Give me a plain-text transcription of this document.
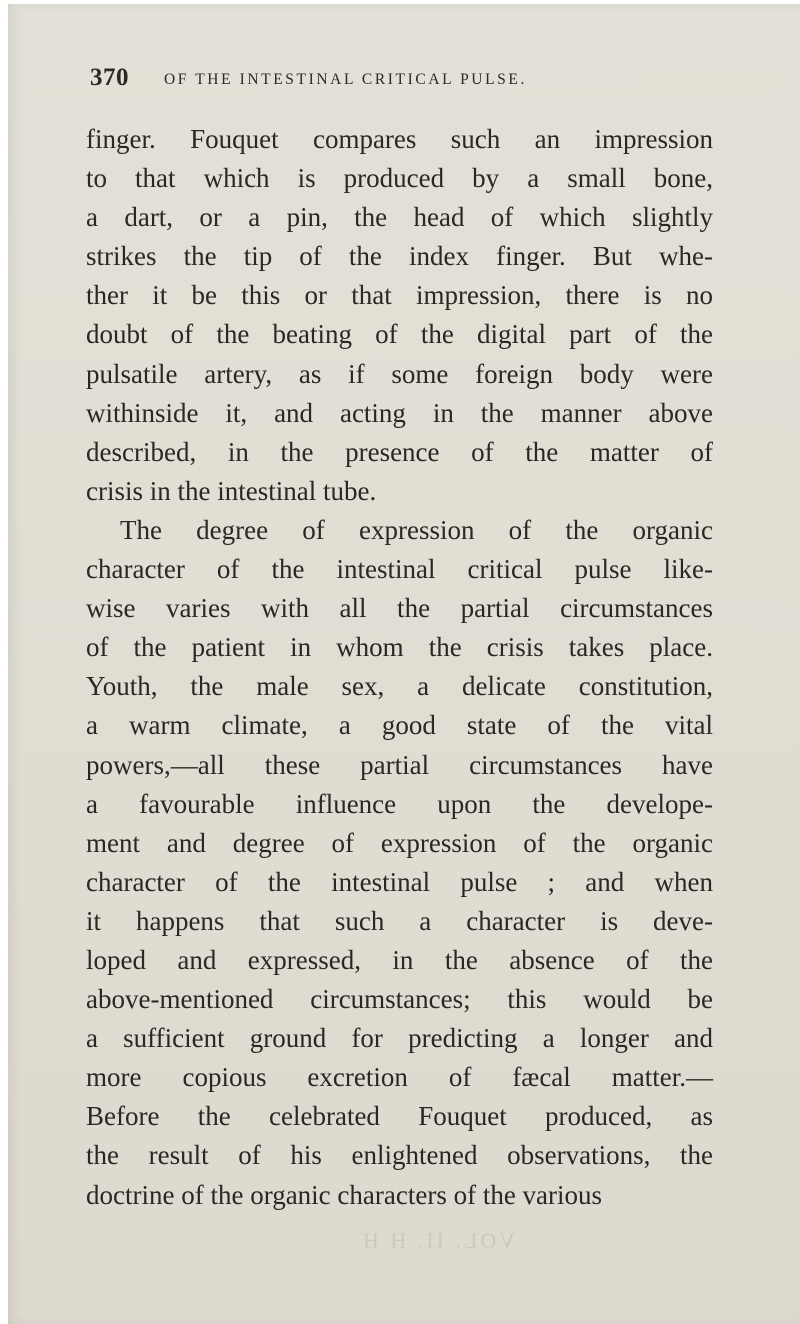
370 OF THE INTESTINAL CRITICAL PULSE.
finger. Fouquet compares such an impression
to that which is produced by a small bone,
a dart, or a pin, the head of which slightly
strikes the tip of the index finger. But whe-
ther it be this or that impression, there is no
doubt of the beating of the digital part of the
pulsatile artery, as if some foreign body were
withinside it, and acting in the manner above
described, in the presence of the matter of
crisis in the intestinal tube.
The degree of expression of the organic
character of the intestinal critical pulse like-
wise varies with all the partial circumstances
of the patient in whom the crisis takes place.
Youth, the male sex, a delicate constitution,
a warm climate, a good state of the vital
powers,—all these partial circumstances have
a favourable influence upon the develope-
ment and degree of expression of the organic
character of the intestinal pulse ; and when
it happens that such a character is deve-
loped and expressed, in the absence of the
above-mentioned circumstances; this would be
a sufficient ground for predicting a longer and
more copious excretion of fæcal matter.—
Before the celebrated Fouquet produced, as
the result of his enlightened observations, the
doctrine of the organic characters of the various
VOL. II. H H
